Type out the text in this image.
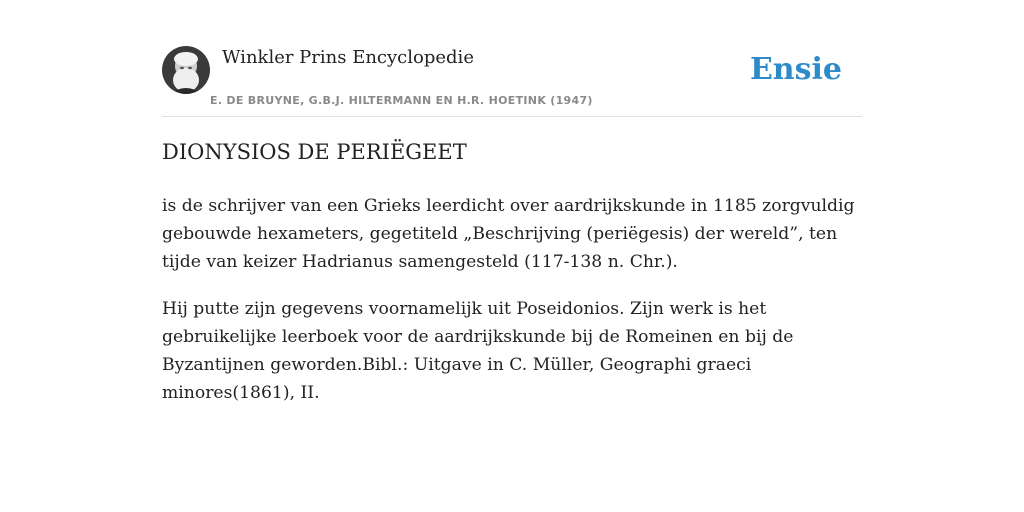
Winkler Prins Encyclopedie
E. DE BRUYNE, G.B.J. HILTERMANN EN H.R. HOETINK (1947)
Ensie
DIONYSIOS DE PERIËGEET

is de schrijver van een Grieks leerdicht over aardrijkskunde in 1185 zorgvuldig gebouwde hexameters, gegetiteld „Beschrijving (periëgesis) der wereld”, ten tijde van keizer Hadrianus samengesteld (117-138 n. Chr.).

Hij putte zijn gegevens voornamelijk uit Poseidonios. Zijn werk is het gebruikelijke leerboek voor de aardrijkskunde bij de Romeinen en bij de Byzantijnen geworden.Bibl.: Uitgave in C. Müller, Geographi graeci minores(1861), II.
